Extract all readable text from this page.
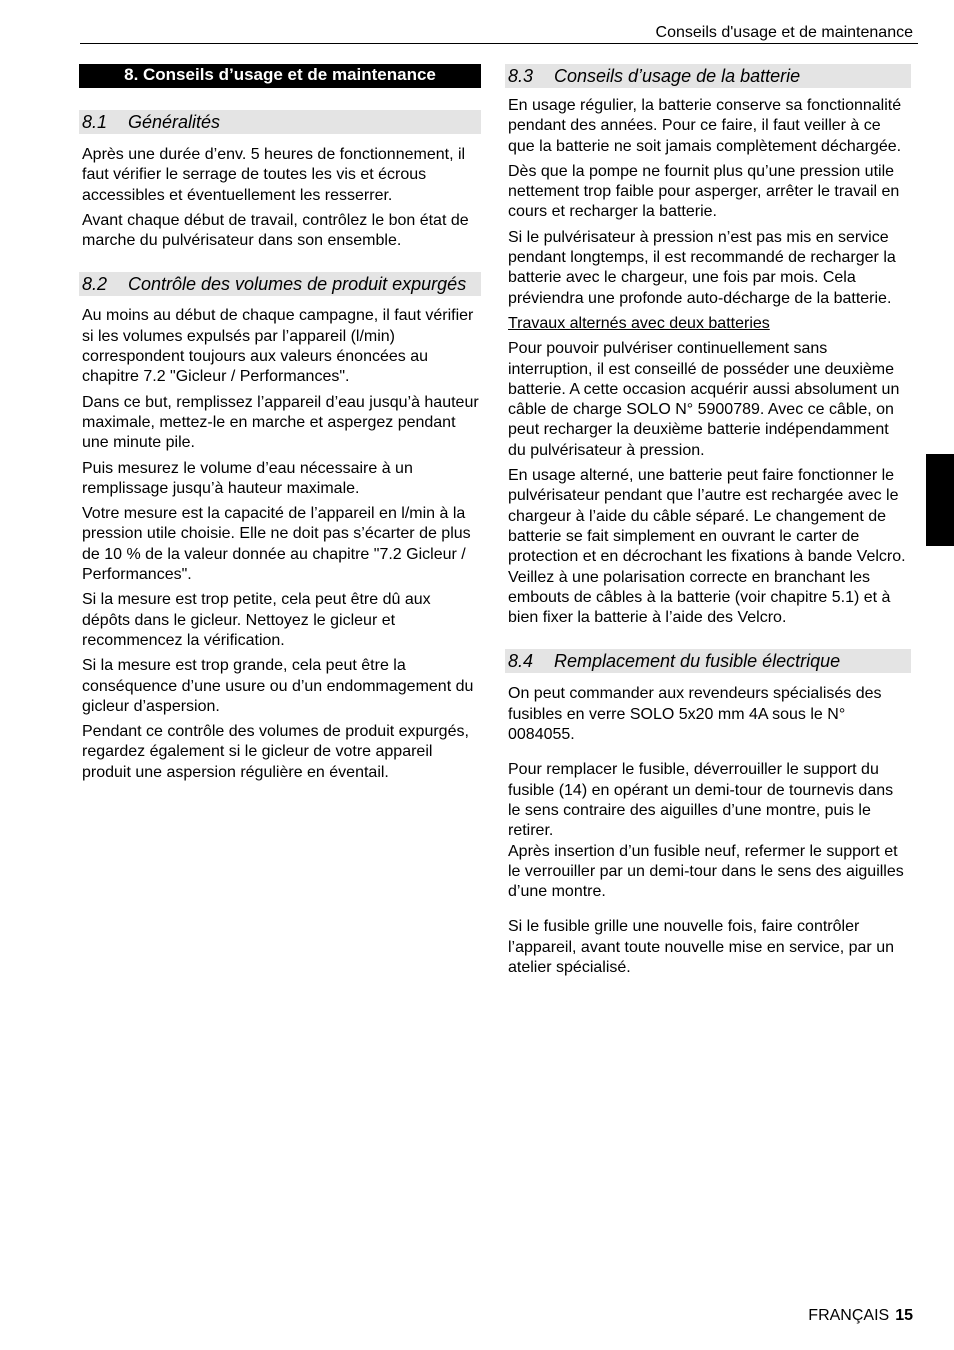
Conseils d'usage et de maintenance
8. Conseils d’usage et de maintenance
8.1	Généralités

Après une durée d’env. 5 heures de fonctionnement, il faut vérifier le serrage de toutes les vis et écrous accessibles et éventuellement les resserrer.

Avant chaque début de travail, contrôlez le bon état de marche du pulvérisateur dans son ensemble.

8.2	Contrôle des volumes de produit expurgés

Au moins au début de chaque campagne, il faut vérifier si les volumes expulsés par l’appareil (l/min) correspondent toujours aux valeurs énoncées au chapitre 7.2 "Gicleur / Performances".

Dans ce but, remplissez l’appareil d’eau jusqu’à hauteur maximale, mettez-le en marche et aspergez pendant une minute pile.

Puis mesurez le volume d’eau nécessaire à un remplissage jusqu’à hauteur maximale.

Votre mesure est la capacité de l’appareil en l/min à la pression utile choisie. Elle ne doit pas s’écarter de plus de 10 % de la valeur donnée au chapitre "7.2 Gicleur / Performances".

Si la mesure est trop petite, cela peut être dû aux dépôts dans le gicleur. Nettoyez le gicleur et recommencez la vérification.

Si la mesure est trop grande, cela peut être la conséquence d’une usure ou d’un endommagement du gicleur d’aspersion.

Pendant ce contrôle des volumes de produit expurgés, regardez également si le gicleur de votre appareil produit une aspersion régulière en éventail.

8.3	Conseils d’usage de la batterie

En usage régulier, la batterie conserve sa fonctionnalité pendant des années. Pour ce faire, il faut veiller à ce que la batterie ne soit jamais complètement déchargée.

Dès que la pompe ne fournit plus qu’une pression utile nettement trop faible pour asperger, arrêter le travail en cours et recharger la batterie.

Si le pulvérisateur à pression n’est pas mis en service pendant longtemps, il est recommandé de recharger la batterie avec le chargeur, une fois par mois. Cela préviendra une profonde auto-décharge de la batterie.

Travaux alternés avec deux batteries

Pour pouvoir pulvériser continuellement sans interruption, il est conseillé de posséder une deuxième batterie. A cette occasion acquérir aussi absolument un câble de charge SOLO N° 5900789. Avec ce câble, on peut recharger la deuxième batterie indépendamment du pulvérisateur à pression.

En usage alterné, une batterie peut faire fonctionner le pulvérisateur pendant que l’autre est rechargée avec le chargeur à l’aide du câble séparé. Le changement de batterie se fait simplement en ouvrant le carter de protection et en décrochant les fixations à bande Velcro. Veillez à une polarisation correcte en branchant les embouts de câbles à la batterie (voir chapitre 5.1) et à bien fixer la batterie à l’aide des Velcro.

8.4	Remplacement du fusible électrique

On peut commander aux revendeurs spécialisés des fusibles en verre SOLO 5x20 mm 4A sous le N° 0084055.

Pour remplacer le fusible, déverrouiller le support du fusible (14) en opérant un demi-tour de tournevis dans le sens contraire des aiguilles d’une montre, puis le retirer.

Après insertion d’un fusible neuf, refermer le support et le verrouiller par un demi-tour dans le sens des aiguilles d’une montre.

Si le fusible grille une nouvelle fois, faire contrôler l’appareil, avant toute nouvelle mise en service, par un atelier spécialisé.

FRANÇAIS 15
